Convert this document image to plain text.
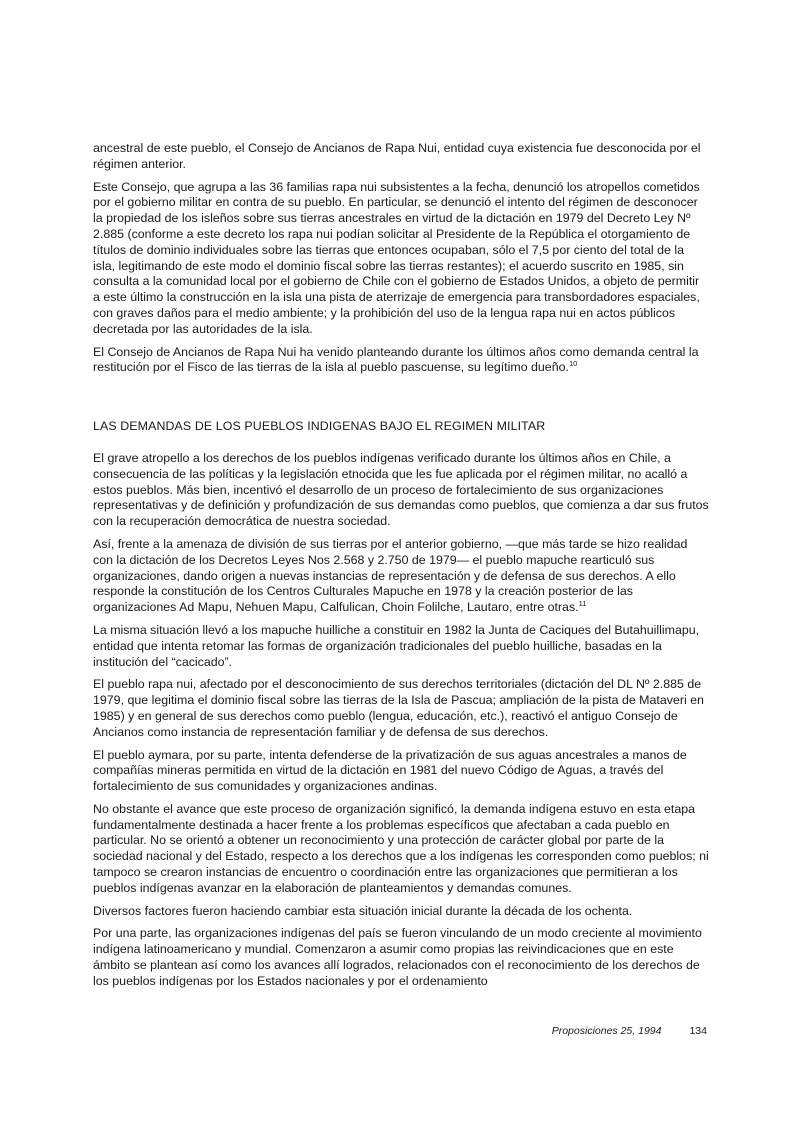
ancestral de este pueblo, el Consejo de Ancianos de Rapa Nui, entidad cuya existencia fue desconocida por el régimen anterior.

Este Consejo, que agrupa a las 36 familias rapa nui subsistentes a la fecha, denunció los atropellos cometidos por el gobierno militar en contra de su pueblo. En particular, se denunció el intento del régimen de desconocer la propiedad de los isleños sobre sus tierras ancestrales en virtud de la dictación en 1979 del Decreto Ley Nº 2.885 (conforme a este decreto los rapa nui podían solicitar al Presidente de la República el otorgamiento de títulos de dominio individuales sobre las tierras que entonces ocupaban, sólo el 7,5 por ciento del total de la isla, legitimando de este modo el dominio fiscal sobre las tierras restantes); el acuerdo suscrito en 1985, sin consulta a la comunidad local por el gobierno de Chile con el gobierno de Estados Unidos, a objeto de permitir a este último la construcción en la isla una pista de aterrizaje de emergencia para transbordadores espaciales, con graves daños para el medio ambiente; y la prohibición del uso de la lengua rapa nui en actos públicos decretada por las autoridades de la isla.

El Consejo de Ancianos de Rapa Nui ha venido planteando durante los últimos años como demanda central la restitución por el Fisco de las tierras de la isla al pueblo pascuense, su legítimo dueño.$^{10}$

LAS DEMANDAS DE LOS PUEBLOS INDIGENAS BAJO EL REGIMEN MILITAR

El grave atropello a los derechos de los pueblos indígenas verificado durante los últimos años en Chile, a consecuencia de las políticas y la legislación etnocida que les fue aplicada por el régimen militar, no acalló a estos pueblos. Más bien, incentivó el desarrollo de un proceso de fortalecimiento de sus organizaciones representativas y de definición y profundización de sus demandas como pueblos, que comienza a dar sus frutos con la recuperación democrática de nuestra sociedad.

Así, frente a la amenaza de división de sus tierras por el anterior gobierno, —que más tarde se hizo realidad con la dictación de los Decretos Leyes Nos 2.568 y 2.750 de 1979— el pueblo mapuche rearticuló sus organizaciones, dando origen a nuevas instancias de representación y de defensa de sus derechos. A ello responde la constitución de los Centros Culturales Mapuche en 1978 y la creación posterior de las organizaciones Ad Mapu, Nehuen Mapu, Calfulican, Choin Folilche, Lautaro, entre otras.$^{11}$

La misma situación llevó a los mapuche huilliche a constituir en 1982 la Junta de Caciques del Butahuillimapu, entidad que intenta retomar las formas de organización tradicionales del pueblo huilliche, basadas en la institución del “cacicado”.

El pueblo rapa nui, afectado por el desconocimiento de sus derechos territoriales (dictación del DL Nº 2.885 de 1979, que legitima el dominio fiscal sobre las tierras de la Isla de Pascua; ampliación de la pista de Mataveri en 1985) y en general de sus derechos como pueblo (lengua, educación, etc.), reactivó el antiguo Consejo de Ancianos como instancia de representación familiar y de defensa de sus derechos.

El pueblo aymara, por su parte, intenta defenderse de la privatización de sus aguas ancestrales a manos de compañías mineras permitida en virtud de la dictación en 1981 del nuevo Código de Aguas, a través del fortalecimiento de sus comunidades y organizaciones andinas.

No obstante el avance que este proceso de organización significó, la demanda indígena estuvo en esta etapa fundamentalmente destinada a hacer frente a los problemas específicos que afectaban a cada pueblo en particular. No se orientó a obtener un reconocimiento y una protección de carácter global por parte de la sociedad nacional y del Estado, respecto a los derechos que a los indígenas les corresponden como pueblos; ni tampoco se crearon instancias de encuentro o coordinación entre las organizaciones que permitieran a los pueblos indígenas avanzar en la elaboración de planteamientos y demandas comunes.

Diversos factores fueron haciendo cambiar esta situación inicial durante la década de los ochenta.

Por una parte, las organizaciones indígenas del país se fueron vinculando de un modo creciente al movimiento indígena latinoamericano y mundial. Comenzaron a asumir como propias las reivindicaciones que en este ámbito se plantean así como los avances allí logrados, relacionados con el reconocimiento de los derechos de los pueblos indígenas por los Estados nacionales y por el ordenamiento

Proposiciones 25, 1994	134
